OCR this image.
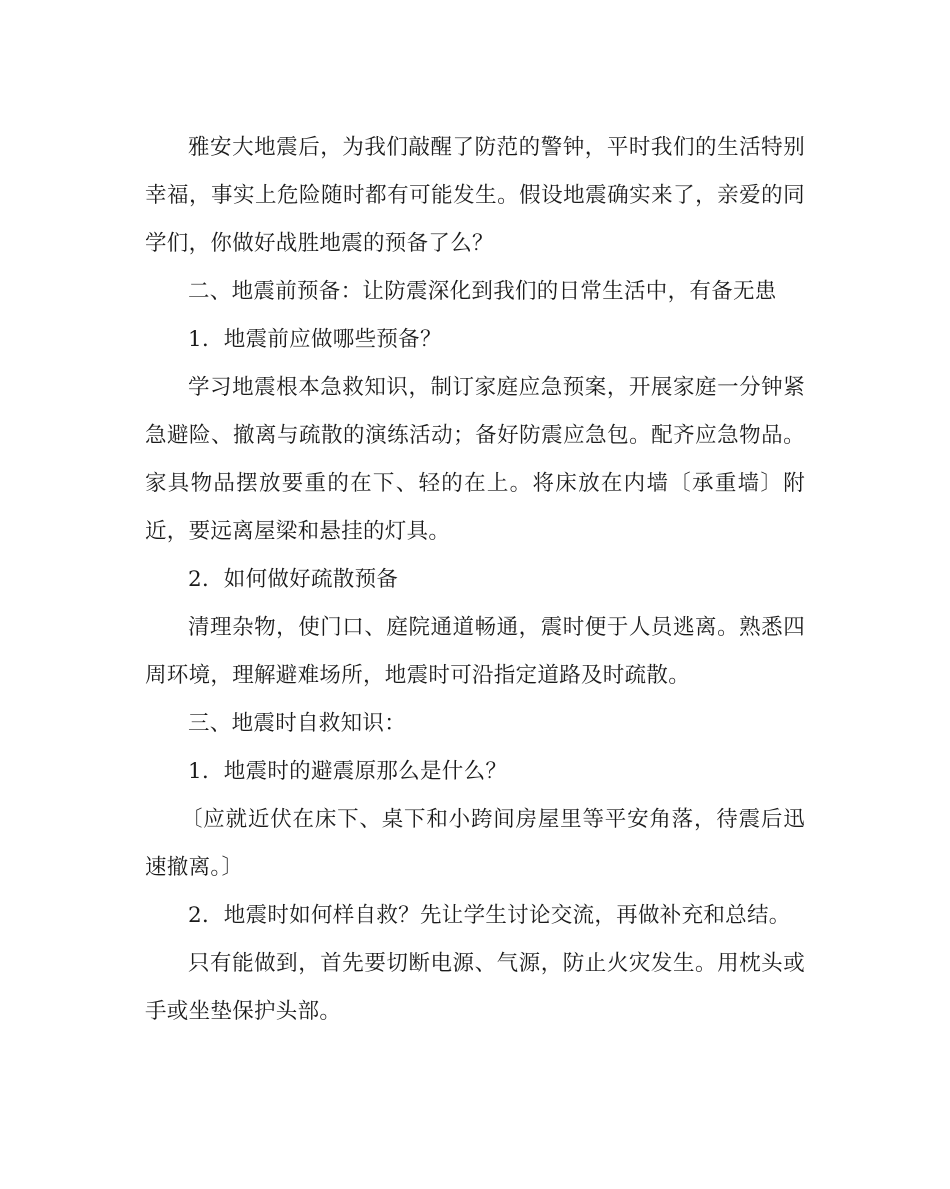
雅安大地震后，为我们敲醒了防范的警钟，平时我们的生活特别幸福，事实上危险随时都有可能发生。假设地震确实来了，亲爱的同学们，你做好战胜地震的预备了么？

二、地震前预备：让防震深化到我们的日常生活中，有备无患

1．地震前应做哪些预备？

学习地震根本急救知识，制订家庭应急预案，开展家庭一分钟紧急避险、撤离与疏散的演练活动；备好防震应急包。配齐应急物品。家具物品摆放要重的在下、轻的在上。将床放在内墙〔承重墙〕附近，要远离屋梁和悬挂的灯具。

2．如何做好疏散预备

清理杂物，使门口、庭院通道畅通，震时便于人员逃离。熟悉四周环境，理解避难场所，地震时可沿指定道路及时疏散。

三、地震时自救知识：

1．地震时的避震原那么是什么？

〔应就近伏在床下、桌下和小跨间房屋里等平安角落，待震后迅速撤离。〕

2．地震时如何样自救？先让学生讨论交流，再做补充和总结。

只有能做到，首先要切断电源、气源，防止火灾发生。用枕头或手或坐垫保护头部。
